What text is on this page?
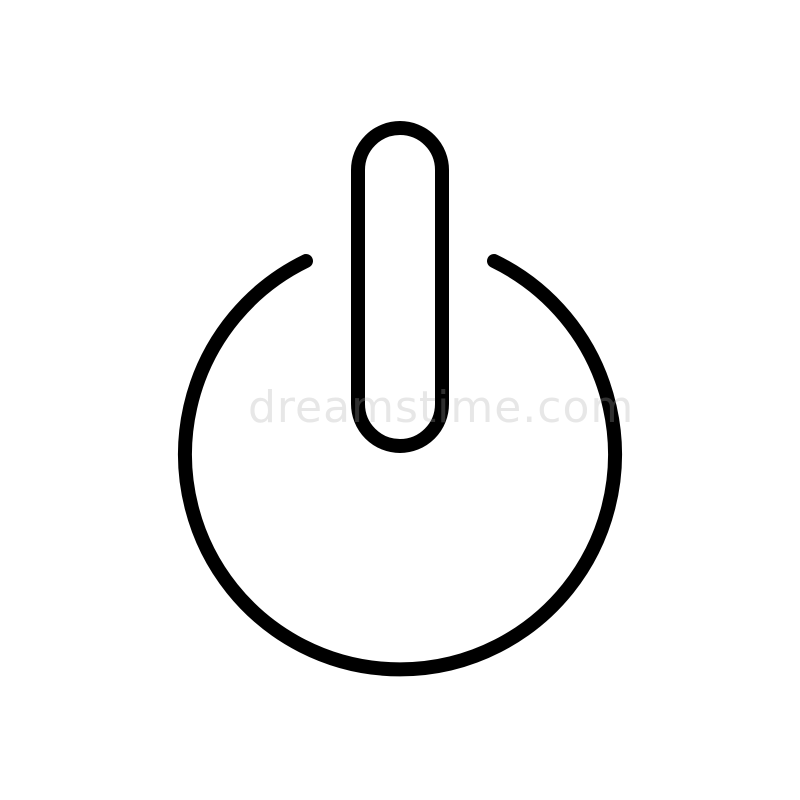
dreamstime.com
